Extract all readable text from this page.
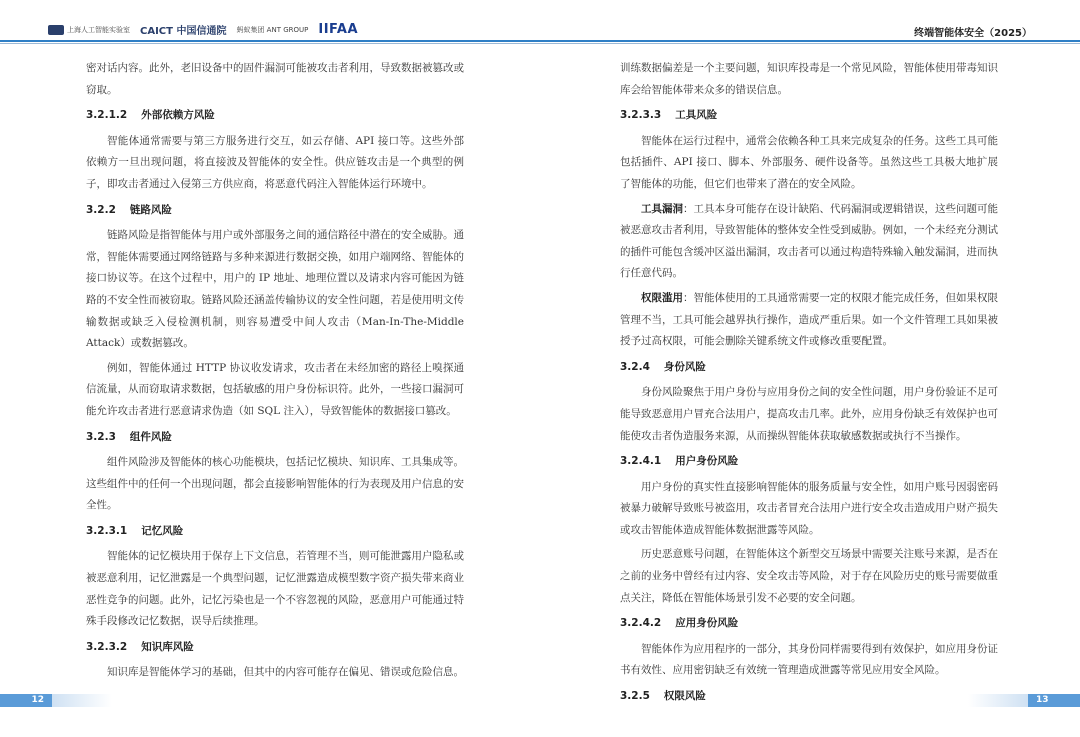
上海人工智能实验室 CAICT 中国信通院 蚂蚁集团 ANT GROUP IIFAA	终端智能体安全（2025）

密对话内容。此外，老旧设备中的固件漏洞可能被攻击者利用，导致数据被篡改或窃取。

3.2.1.2 外部依赖方风险

智能体通常需要与第三方服务进行交互，如云存储、API 接口等。这些外部依赖方一旦出现问题，将直接波及智能体的安全性。供应链攻击是一个典型的例子，即攻击者通过入侵第三方供应商，将恶意代码注入智能体运行环境中。

3.2.2 链路风险

链路风险是指智能体与用户或外部服务之间的通信路径中潜在的安全威胁。通常，智能体需要通过网络链路与多种来源进行数据交换，如用户端网络、智能体的接口协议等。在这个过程中，用户的 IP 地址、地理位置以及请求内容可能因为链路的不安全性而被窃取。链路风险还涵盖传输协议的安全性问题，若是使用明文传输数据或缺乏入侵检测机制，则容易遭受中间人攻击（Man-In-The-Middle Attack）或数据篡改。

例如，智能体通过 HTTP 协议收发请求，攻击者在未经加密的路径上嗅探通信流量，从而窃取请求数据，包括敏感的用户身份标识符。此外，一些接口漏洞可能允许攻击者进行恶意请求伪造（如 SQL 注入），导致智能体的数据接口篡改。

3.2.3 组件风险

组件风险涉及智能体的核心功能模块，包括记忆模块、知识库、工具集成等。这些组件中的任何一个出现问题，都会直接影响智能体的行为表现及用户信息的安全性。

3.2.3.1 记忆风险

智能体的记忆模块用于保存上下文信息，若管理不当，则可能泄露用户隐私或被恶意利用，记忆泄露是一个典型问题，记忆泄露造成模型数字资产损失带来商业恶性竞争的问题。此外，记忆污染也是一个不容忽视的风险，恶意用户可能通过特殊手段修改记忆数据，误导后续推理。

3.2.3.2 知识库风险

知识库是智能体学习的基础，但其中的内容可能存在偏见、错误或危险信息。

训练数据偏差是一个主要问题，知识库投毒是一个常见风险，智能体使用带毒知识库会给智能体带来众多的错误信息。

3.2.3.3 工具风险

智能体在运行过程中，通常会依赖各种工具来完成复杂的任务。这些工具可能包括插件、API 接口、脚本、外部服务、硬件设备等。虽然这些工具极大地扩展了智能体的功能，但它们也带来了潜在的安全风险。

工具漏洞：工具本身可能存在设计缺陷、代码漏洞或逻辑错误，这些问题可能被恶意攻击者利用，导致智能体的整体安全性受到威胁。例如，一个未经充分测试的插件可能包含缓冲区溢出漏洞，攻击者可以通过构造特殊输入触发漏洞，进而执行任意代码。

权限滥用：智能体使用的工具通常需要一定的权限才能完成任务，但如果权限管理不当，工具可能会越界执行操作，造成严重后果。如一个文件管理工具如果被授予过高权限，可能会删除关键系统文件或修改重要配置。

3.2.4 身份风险

身份风险聚焦于用户身份与应用身份之间的安全性问题，用户身份验证不足可能导致恶意用户冒充合法用户，提高攻击几率。此外，应用身份缺乏有效保护也可能使攻击者伪造服务来源，从而操纵智能体获取敏感数据或执行不当操作。

3.2.4.1 用户身份风险

用户身份的真实性直接影响智能体的服务质量与安全性，如用户账号因弱密码被暴力破解导致账号被盗用，攻击者冒充合法用户进行安全攻击造成用户财产损失或攻击智能体造成智能体数据泄露等风险。

历史恶意账号问题，在智能体这个新型交互场景中需要关注账号来源，是否在之前的业务中曾经有过内容、安全攻击等风险，对于存在风险历史的账号需要做重点关注，降低在智能体场景引发不必要的安全问题。

3.2.4.2 应用身份风险

智能体作为应用程序的一部分，其身份同样需要得到有效保护，如应用身份证书有效性、应用密钥缺乏有效统一管理造成泄露等常见应用安全风险。

3.2.5 权限风险
12	13
